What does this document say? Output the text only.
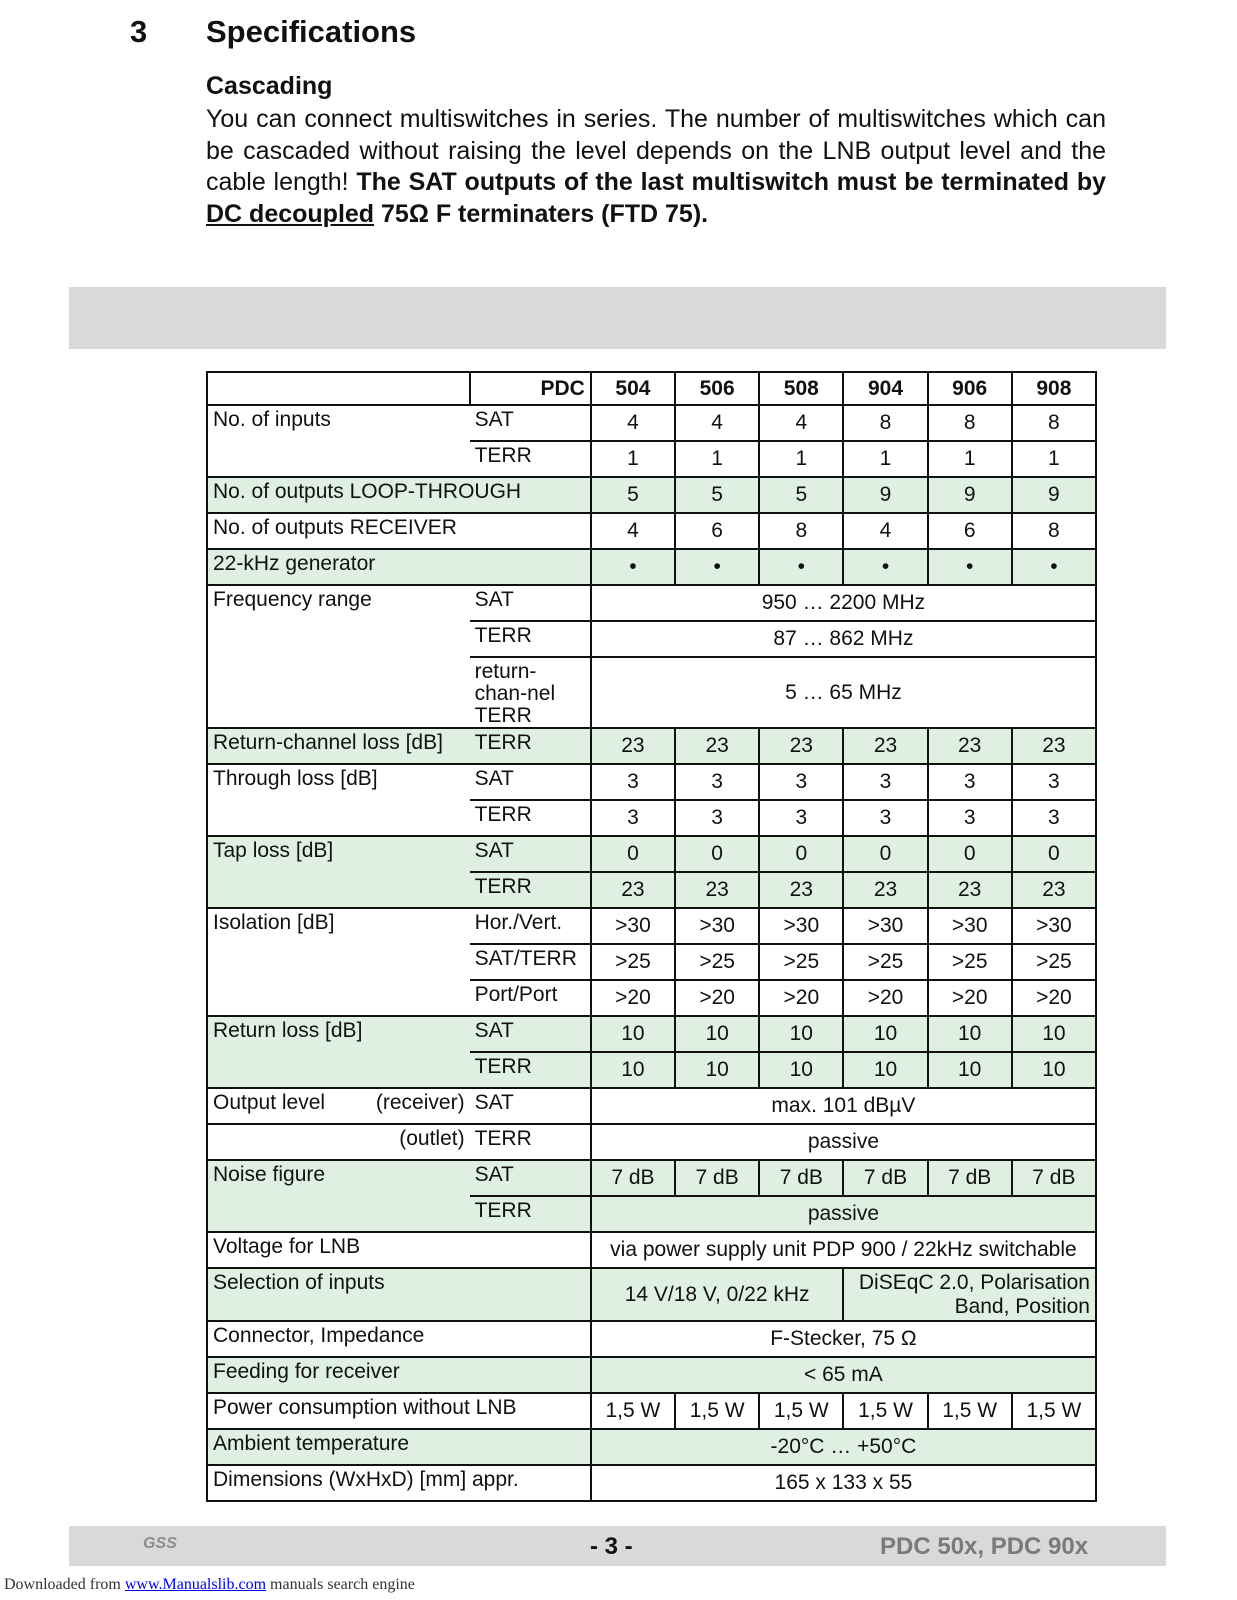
Cascading

You can connect multiswitches in series. The number of multiswitches which can be cascaded without raising the level depends on the LNB output level and the cable length! The SAT outputs of the last multiswitch must be terminated by DC decoupled 75Ω F terminaters (FTD 75).

3 Specifications
	PDC	504	506	508	904	906	908
No. of inputs	SAT	4	4	4	8	8	8
	TERR	1	1	1	1	1	1
No. of outputs LOOP-THROUGH		5	5	5	9	9	9
No. of outputs RECEIVER		4	6	8	4	6	8
22-kHz generator		•	•	•	•	•	•
Frequency range	SAT	950 … 2200 MHz					
	TERR	87 … 862 MHz					
	return-chan-nel TERR	5 … 65 MHz					
Return-channel loss [dB]	TERR	23	23	23	23	23	23
Through loss [dB]	SAT	3	3	3	3	3	3
	TERR	3	3	3	3	3	3
Tap loss [dB]	SAT	0	0	0	0	0	0
	TERR	23	23	23	23	23	23
Isolation [dB]	Hor./Vert.	>30	>30	>30	>30	>30	>30
	SAT/TERR	>25	>25	>25	>25	>25	>25
	Port/Port	>20	>20	>20	>20	>20	>20
Return loss [dB]	SAT	10	10	10	10	10	10
	TERR	10	10	10	10	10	10

Output level (receiver)	SAT	max. 101 dBµV					
(outlet)	TERR	passive					
Noise figure	SAT	7 dB	7 dB	7 dB	7 dB	7 dB	7 dB
	TERR	passive					
Voltage for LNB		via power supply unit PDP 900 / 22kHz switchable					
Selection of inputs		14 V/18 V, 0/22 kHz			DiSEqC 2.0, Polarisation
Band, Position		

Connector, Impedance		F-Stecker, 75 Ω					
Feeding for receiver		< 65 mA					
Power consumption without LNB		1,5 W	1,5 W	1,5 W	1,5 W	1,5 W	1,5 W
Ambient temperature		-20°C … +50°C					
Dimensions (WxHxD) [mm] appr.		165 x 133 x 55					
GSS	- 3 -	PDC 50x, PDC 90x
Downloaded from www.Manualslib.com manuals search engine
